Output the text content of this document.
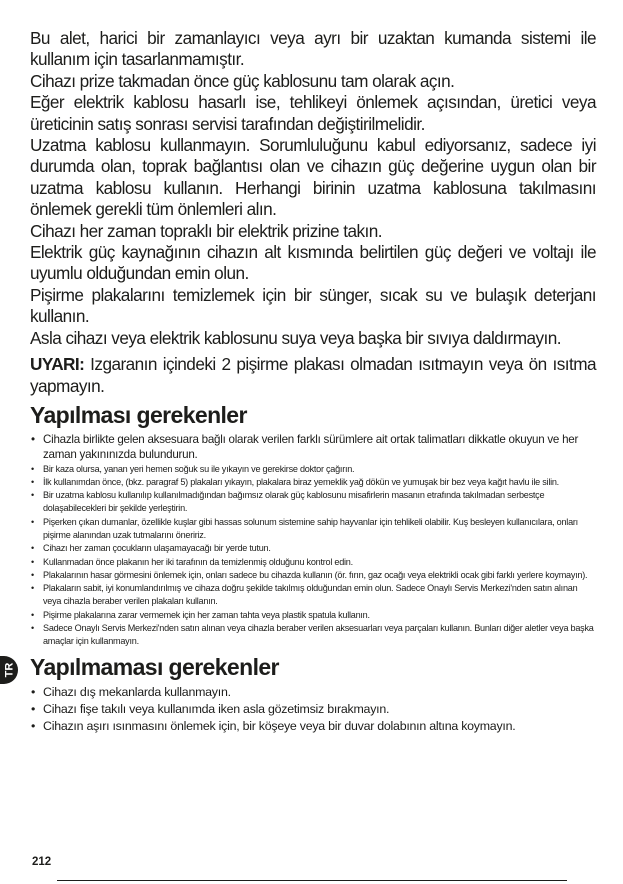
Bu alet, harici bir zamanlayıcı veya ayrı bir uzaktan kumanda sistemi ile kullanım için tasarlanmamıştır.

Cihazı prize takmadan önce güç kablosunu tam olarak açın.

Eğer elektrik kablosu hasarlı ise, tehlikeyi önlemek açısından, üretici veya üreticinin satış sonrası servisi tarafından değiştirilmelidir.

Uzatma kablosu kullanmayın. Sorumluluğunu kabul ediyorsanız, sadece iyi durumda olan, toprak bağlantısı olan ve cihazın güç değerine uygun olan bir uzatma kablosu kullanın. Herhangi birinin uzatma kablosuna takılmasını önlemek gerekli tüm önlemleri alın.

Cihazı her zaman topraklı bir elektrik prizine takın.

Elektrik güç kaynağının cihazın alt kısmında belirtilen güç değeri ve voltajı ile uyumlu olduğundan emin olun.

Pişirme plakalarını temizlemek için bir sünger, sıcak su ve bulaşık deterjanı kullanın.

Asla cihazı veya elektrik kablosunu suya veya başka bir sıvıya daldırmayın.

UYARI: Izgaranın içindeki 2 pişirme plakası olmadan ısıtmayın veya ön ısıtma yapmayın.
Yapılması gerekenler
• Cihazla birlikte gelen aksesuara bağlı olarak verilen farklı sürümlere ait ortak talimatları dikkatle okuyun ve her zaman yakınınızda bulundurun.
• Bir kaza olursa, yanan yeri hemen soğuk su ile yıkayın ve gerekirse doktor çağırın.
• İlk kullanımdan önce, (bkz. paragraf 5) plakaları yıkayın, plakalara biraz yemeklik yağ dökün ve yumuşak bir bez veya kağıt havlu ile silin.
• Bir uzatma kablosu kullanılıp kullanılmadığından bağımsız olarak güç kablosunu misafirlerin masanın etrafında takılmadan serbestçe dolaşabilecekleri bir şekilde yerleştirin.
• Pişerken çıkan dumanlar, özellikle kuşlar gibi hassas solunum sistemine sahip hayvanlar için tehlikeli olabilir. Kuş besleyen kullanıcılara, onları pişirme alanından uzak tutmalarını öneririz.
• Cihazı her zaman çocukların ulaşamayacağı bir yerde tutun.
• Kullanmadan önce plakanın her iki tarafının da temizlenmiş olduğunu kontrol edin.
• Plakalarının hasar görmesini önlemek için, onları sadece bu cihazda kullanın (ör. fırın, gaz ocağı veya elektrikli ocak gibi farklı yerlere koymayın).
• Plakaların sabit, iyi konumlandırılmış ve cihaza doğru şekilde takılmış olduğundan emin olun. Sadece Onaylı Servis Merkezi'nden satın alınan veya cihazla beraber verilen plakaları kullanın.
• Pişirme plakalarına zarar vermemek için her zaman tahta veya plastik spatula kullanın.
• Sadece Onaylı Servis Merkezi'nden satın alınan veya cihazla beraber verilen aksesuarları veya parçaları kullanın. Bunları diğer aletler veya başka amaçlar için kullanmayın.
Yapılmaması gerekenler
• Cihazı dış mekanlarda kullanmayın.
• Cihazı fişe takılı veya kullanımda iken asla gözetimsiz bırakmayın.
• Cihazın aşırı ısınmasını önlemek için, bir köşeye veya bir duvar dolabının altına koymayın.
TR
212
